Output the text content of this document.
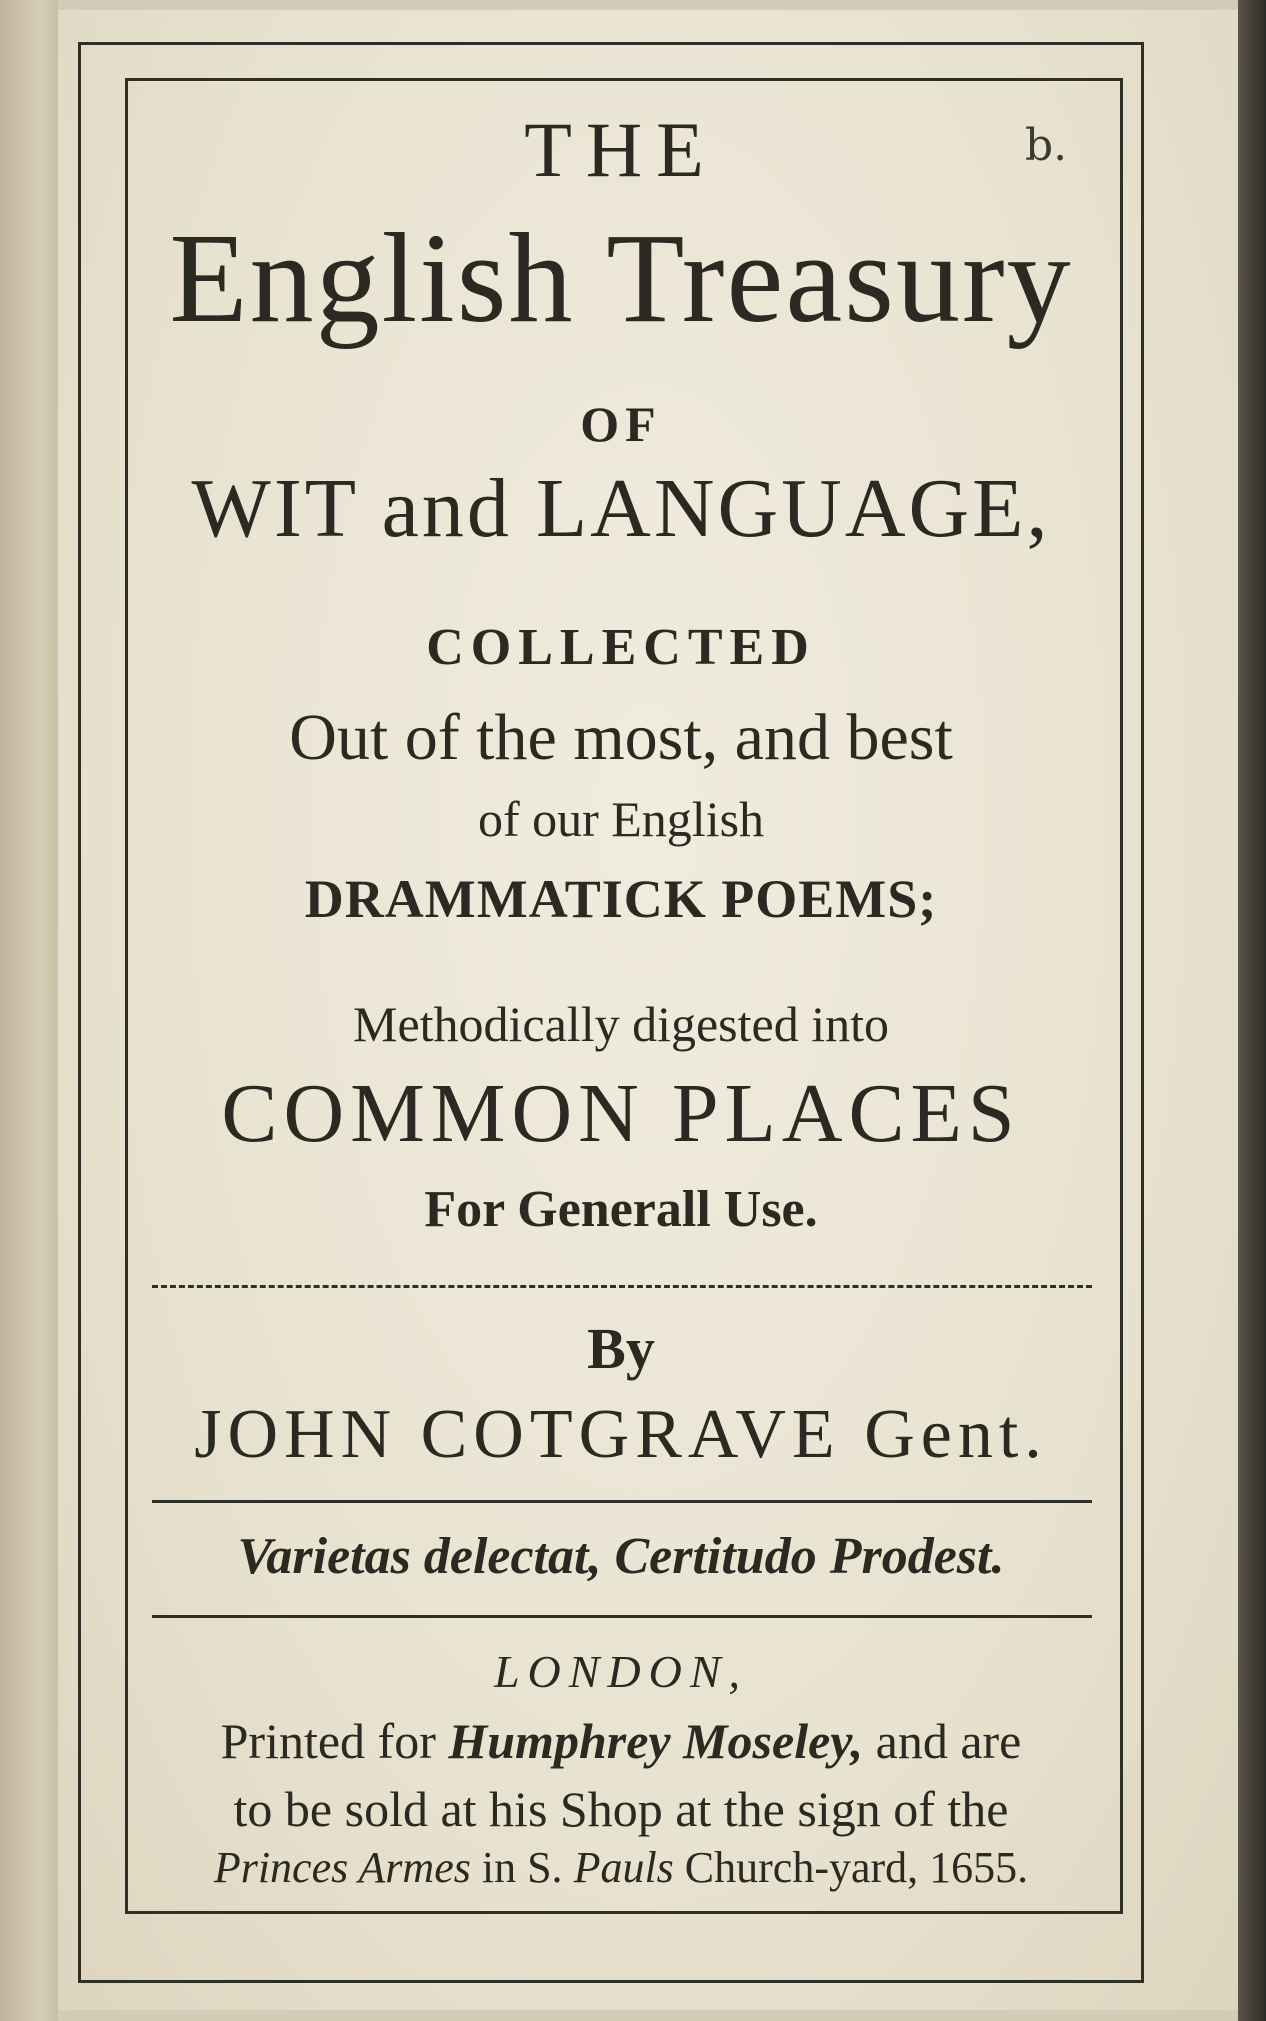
b.
THE
English Treasury
OF
WIT and LANGUAGE,
COLLECTED
Out of the most, and best
of our English
DRAMMATICK POEMS;
Methodically digested into
COMMON PLACES
For Generall Use.
By
JOHN COTGRAVE Gent.
Varietas delectat, Certitudo Prodest.
LONDON,
Printed for Humphrey Moseley, and are
to be sold at his Shop at the sign of the
Princes Armes in S. Pauls Church-yard, 1655.
